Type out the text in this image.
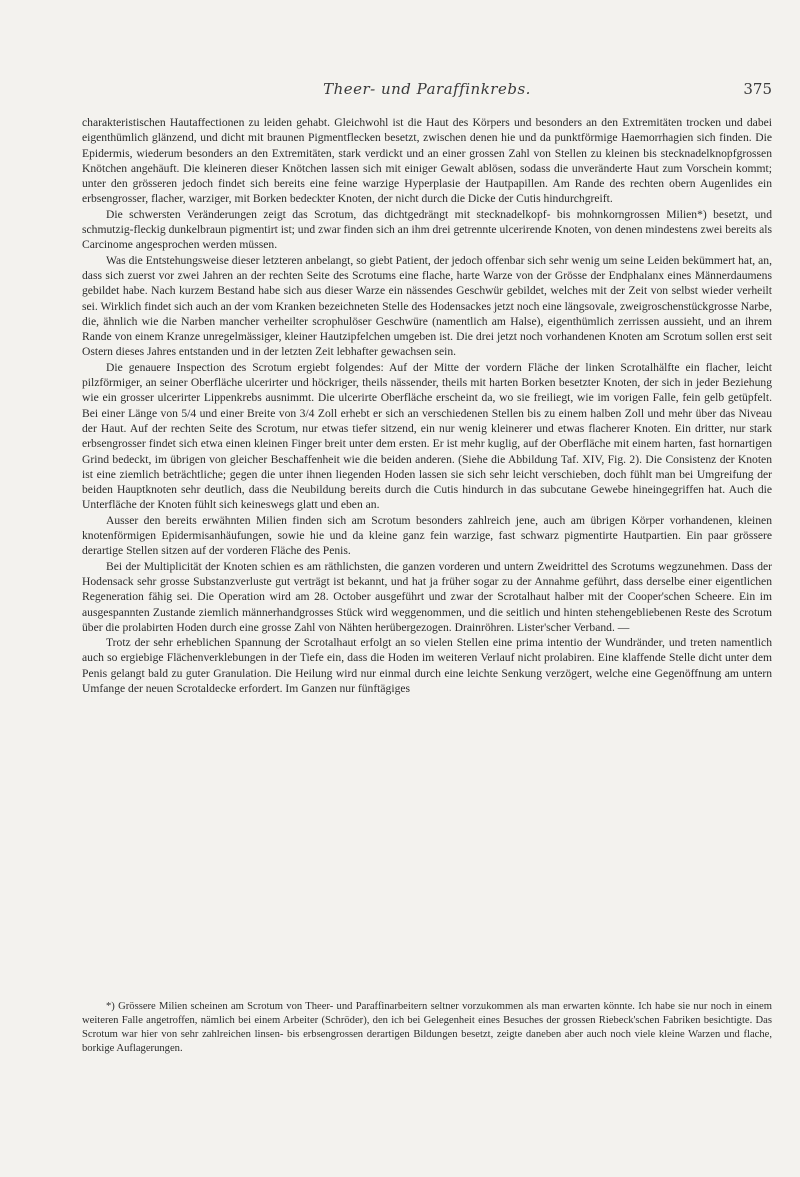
Theer- und Paraffinkrebs.	375

charakteristischen Hautaffectionen zu leiden gehabt. Gleichwohl ist die Haut des Körpers und besonders an den Extremitäten trocken und dabei eigenthümlich glänzend, und dicht mit braunen Pigmentflecken besetzt, zwischen denen hie und da punktförmige Haemorrhagien sich finden. Die Epidermis, wiederum besonders an den Extremitäten, stark verdickt und an einer grossen Zahl von Stellen zu kleinen bis stecknadelknopfgrossen Knötchen angehäuft. Die kleineren dieser Knötchen lassen sich mit einiger Gewalt ablösen, sodass die unveränderte Haut zum Vorschein kommt; unter den grösseren jedoch findet sich bereits eine feine warzige Hyperplasie der Hautpapillen. Am Rande des rechten obern Augenlides ein erbsengrosser, flacher, warziger, mit Borken bedeckter Knoten, der nicht durch die Dicke der Cutis hindurchgreift.

Die schwersten Veränderungen zeigt das Scrotum, das dichtgedrängt mit stecknadelkopf- bis mohnkorngrossen Milien*) besetzt, und schmutzig-fleckig dunkelbraun pigmentirt ist; und zwar finden sich an ihm drei getrennte ulcerirende Knoten, von denen mindestens zwei bereits als Carcinome angesprochen werden müssen.

Was die Entstehungsweise dieser letzteren anbelangt, so giebt Patient, der jedoch offenbar sich sehr wenig um seine Leiden bekümmert hat, an, dass sich zuerst vor zwei Jahren an der rechten Seite des Scrotums eine flache, harte Warze von der Grösse der Endphalanx eines Männerdaumens gebildet habe. Nach kurzem Bestand habe sich aus dieser Warze ein nässendes Geschwür gebildet, welches mit der Zeit von selbst wieder verheilt sei. Wirklich findet sich auch an der vom Kranken bezeichneten Stelle des Hodensackes jetzt noch eine längsovale, zweigroschenstückgrosse Narbe, die, ähnlich wie die Narben mancher verheilter scrophulöser Geschwüre (namentlich am Halse), eigenthümlich zerrissen aussieht, und an ihrem Rande von einem Kranze unregelmässiger, kleiner Hautzipfelchen umgeben ist. Die drei jetzt noch vorhandenen Knoten am Scrotum sollen erst seit Ostern dieses Jahres entstanden und in der letzten Zeit lebhafter gewachsen sein.

Die genauere Inspection des Scrotum ergiebt folgendes: Auf der Mitte der vordern Fläche der linken Scrotalhälfte ein flacher, leicht pilzförmiger, an seiner Oberfläche ulcerirter und höckriger, theils nässender, theils mit harten Borken besetzter Knoten, der sich in jeder Beziehung wie ein grosser ulcerirter Lippenkrebs ausnimmt. Die ulcerirte Oberfläche erscheint da, wo sie freiliegt, wie im vorigen Falle, fein gelb getüpfelt. Bei einer Länge von 5/4 und einer Breite von 3/4 Zoll erhebt er sich an verschiedenen Stellen bis zu einem halben Zoll und mehr über das Niveau der Haut. Auf der rechten Seite des Scrotum, nur etwas tiefer sitzend, ein nur wenig kleinerer und etwas flacherer Knoten. Ein dritter, nur stark erbsengrosser findet sich etwa einen kleinen Finger breit unter dem ersten. Er ist mehr kuglig, auf der Oberfläche mit einem harten, fast hornartigen Grind bedeckt, im übrigen von gleicher Beschaffenheit wie die beiden anderen. (Siehe die Abbildung Taf. XIV, Fig. 2). Die Consistenz der Knoten ist eine ziemlich beträchtliche; gegen die unter ihnen liegenden Hoden lassen sie sich sehr leicht verschieben, doch fühlt man bei Umgreifung der beiden Hauptknoten sehr deutlich, dass die Neubildung bereits durch die Cutis hindurch in das subcutane Gewebe hineingegriffen hat. Auch die Unterfläche der Knoten fühlt sich keineswegs glatt und eben an.

Ausser den bereits erwähnten Milien finden sich am Scrotum besonders zahlreich jene, auch am übrigen Körper vorhandenen, kleinen knotenförmigen Epidermisanhäufungen, sowie hie und da kleine ganz fein warzige, fast schwarz pigmentirte Hautpartien. Ein paar grössere derartige Stellen sitzen auf der vorderen Fläche des Penis.

Bei der Multiplicität der Knoten schien es am räthlichsten, die ganzen vorderen und untern Zweidrittel des Scrotums wegzunehmen. Dass der Hodensack sehr grosse Substanzverluste gut verträgt ist bekannt, und hat ja früher sogar zu der Annahme geführt, dass derselbe einer eigentlichen Regeneration fähig sei. Die Operation wird am 28. October ausgeführt und zwar der Scrotalhaut halber mit der Cooper'schen Scheere. Ein im ausgespannten Zustande ziemlich männerhandgrosses Stück wird weggenommen, und die seitlich und hinten stehengebliebenen Reste des Scrotum über die prolabirten Hoden durch eine grosse Zahl von Nähten herübergezogen. Drainröhren. Lister'scher Verband. —

Trotz der sehr erheblichen Spannung der Scrotalhaut erfolgt an so vielen Stellen eine prima intentio der Wundränder, und treten namentlich auch so ergiebige Flächenverklebungen in der Tiefe ein, dass die Hoden im weiteren Verlauf nicht prolabiren. Eine klaffende Stelle dicht unter dem Penis gelangt bald zu guter Granulation. Die Heilung wird nur einmal durch eine leichte Senkung verzögert, welche eine Gegenöffnung am untern Umfange der neuen Scrotaldecke erfordert. Im Ganzen nur fünftägiges

*) Grössere Milien scheinen am Scrotum von Theer- und Paraffinarbeitern seltner vorzukommen als man erwarten könnte. Ich habe sie nur noch in einem weiteren Falle angetroffen, nämlich bei einem Arbeiter (Schröder), den ich bei Gelegenheit eines Besuches der grossen Riebeck'schen Fabriken besichtigte. Das Scrotum war hier von sehr zahlreichen linsen- bis erbsengrossen derartigen Bildungen besetzt, zeigte daneben aber auch noch viele kleine Warzen und flache, borkige Auflagerungen.
